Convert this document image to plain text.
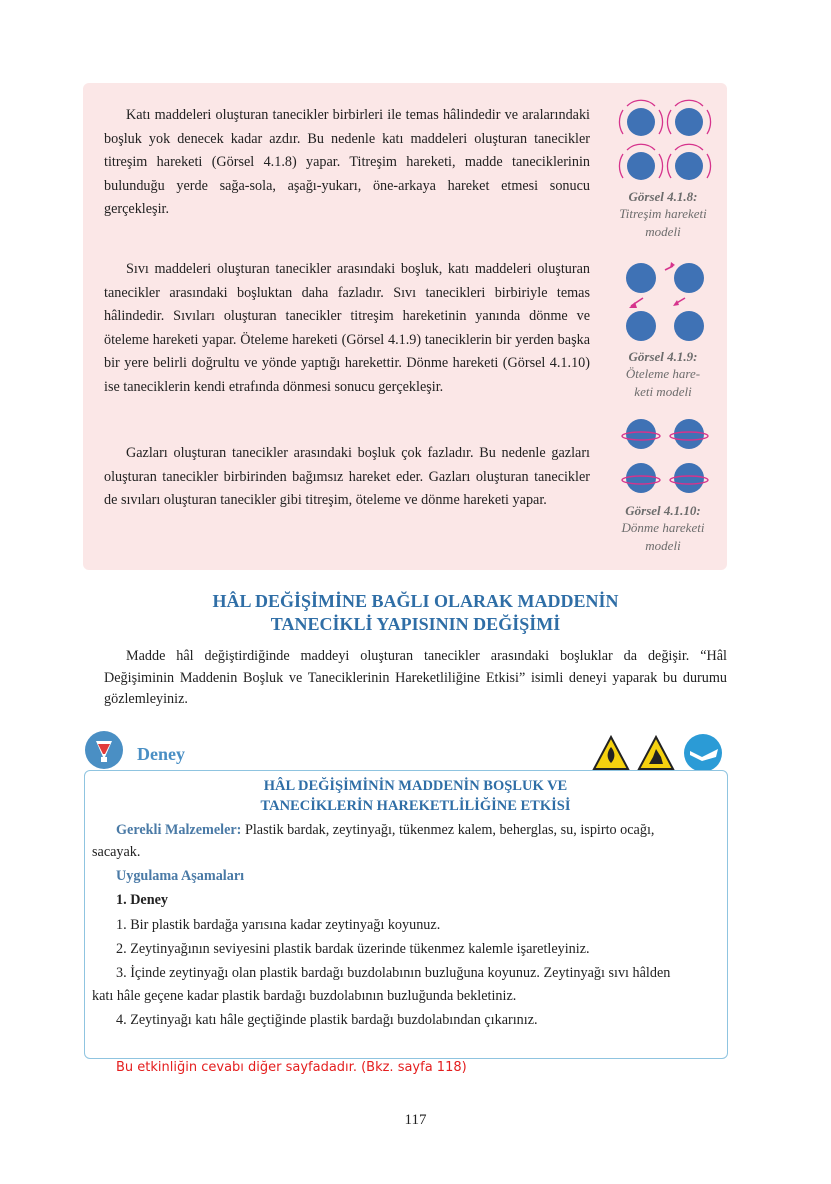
Katı maddeleri oluşturan tanecikler birbirleri ile temas hâlindedir ve aralarındaki boşluk yok denecek kadar azdır. Bu nedenle katı maddeleri oluşturan tanecikler titreşim hareketi (Görsel 4.1.8) yapar. Titreşim hareketi, madde taneciklerinin bulunduğu yerde sağa-sola, aşağı-yukarı, öne-arkaya hareket etmesi sonucu gerçekleşir.

Sıvı maddeleri oluşturan tanecikler arasındaki boşluk, katı maddeleri oluşturan tanecikler arasındaki boşluktan daha fazladır. Sıvı tanecikleri birbiriyle temas hâlindedir. Sıvıları oluşturan tanecikler titreşim hareketinin yanında dönme ve öteleme hareketi yapar. Öteleme hareketi (Görsel 4.1.9) taneciklerin bir yerden başka bir yere belirli doğrultu ve yönde yaptığı harekettir. Dönme hareketi (Görsel 4.1.10) ise taneciklerin kendi etrafında dönmesi sonucu gerçekleşir.

Gazları oluşturan tanecikler arasındaki boşluk çok fazladır. Bu nedenle gazları oluşturan tanecikler birbirinden bağımsız hareket eder. Gazları oluşturan tanecikler de sıvıları oluşturan tanecikler gibi titreşim, öteleme ve dönme hareketi yapar.

Görsel 4.1.8:
Titreşim hareketi
modeli
Görsel 4.1.9:
Öteleme hare-
keti modeli
Görsel 4.1.10:
Dönme hareketi
modeli
HÂL DEĞİŞİMİNE BAĞLI OLARAK MADDENİN
TANECİKLİ YAPISININ DEĞİŞİMİ

Madde hâl değiştirdiğinde maddeyi oluşturan tanecikler arasındaki boşluklar da değişir. “Hâl Değişiminin Maddenin Boşluk ve Taneciklerinin Hareketliliğine Etkisi” isimli deneyi yaparak bu durumu gözlemleyiniz.

Deney
HÂL DEĞİŞİMİNİN MADDENİN BOŞLUK VE
TANECİKLERİN HAREKETLİLİĞİNE ETKİSİ

Gerekli Malzemeler: Plastik bardak, zeytinyağı, tükenmez kalem, beherglas, su, ispirto ocağı,

sacayak.

Uygulama Aşamaları

1. Deney

1. Bir plastik bardağa yarısına kadar zeytinyağı koyunuz.

2. Zeytinyağının seviyesini plastik bardak üzerinde tükenmez kalemle işaretleyiniz.

3. İçinde zeytinyağı olan plastik bardağı buzdolabının buzluğuna koyunuz. Zeytinyağı sıvı hâlden

katı hâle geçene kadar plastik bardağı buzdolabının buzluğunda bekletiniz.

4. Zeytinyağı katı hâle geçtiğinde plastik bardağı buzdolabından çıkarınız.

Bu etkinliğin cevabı diğer sayfadadır. (Bkz. sayfa 118)
117
